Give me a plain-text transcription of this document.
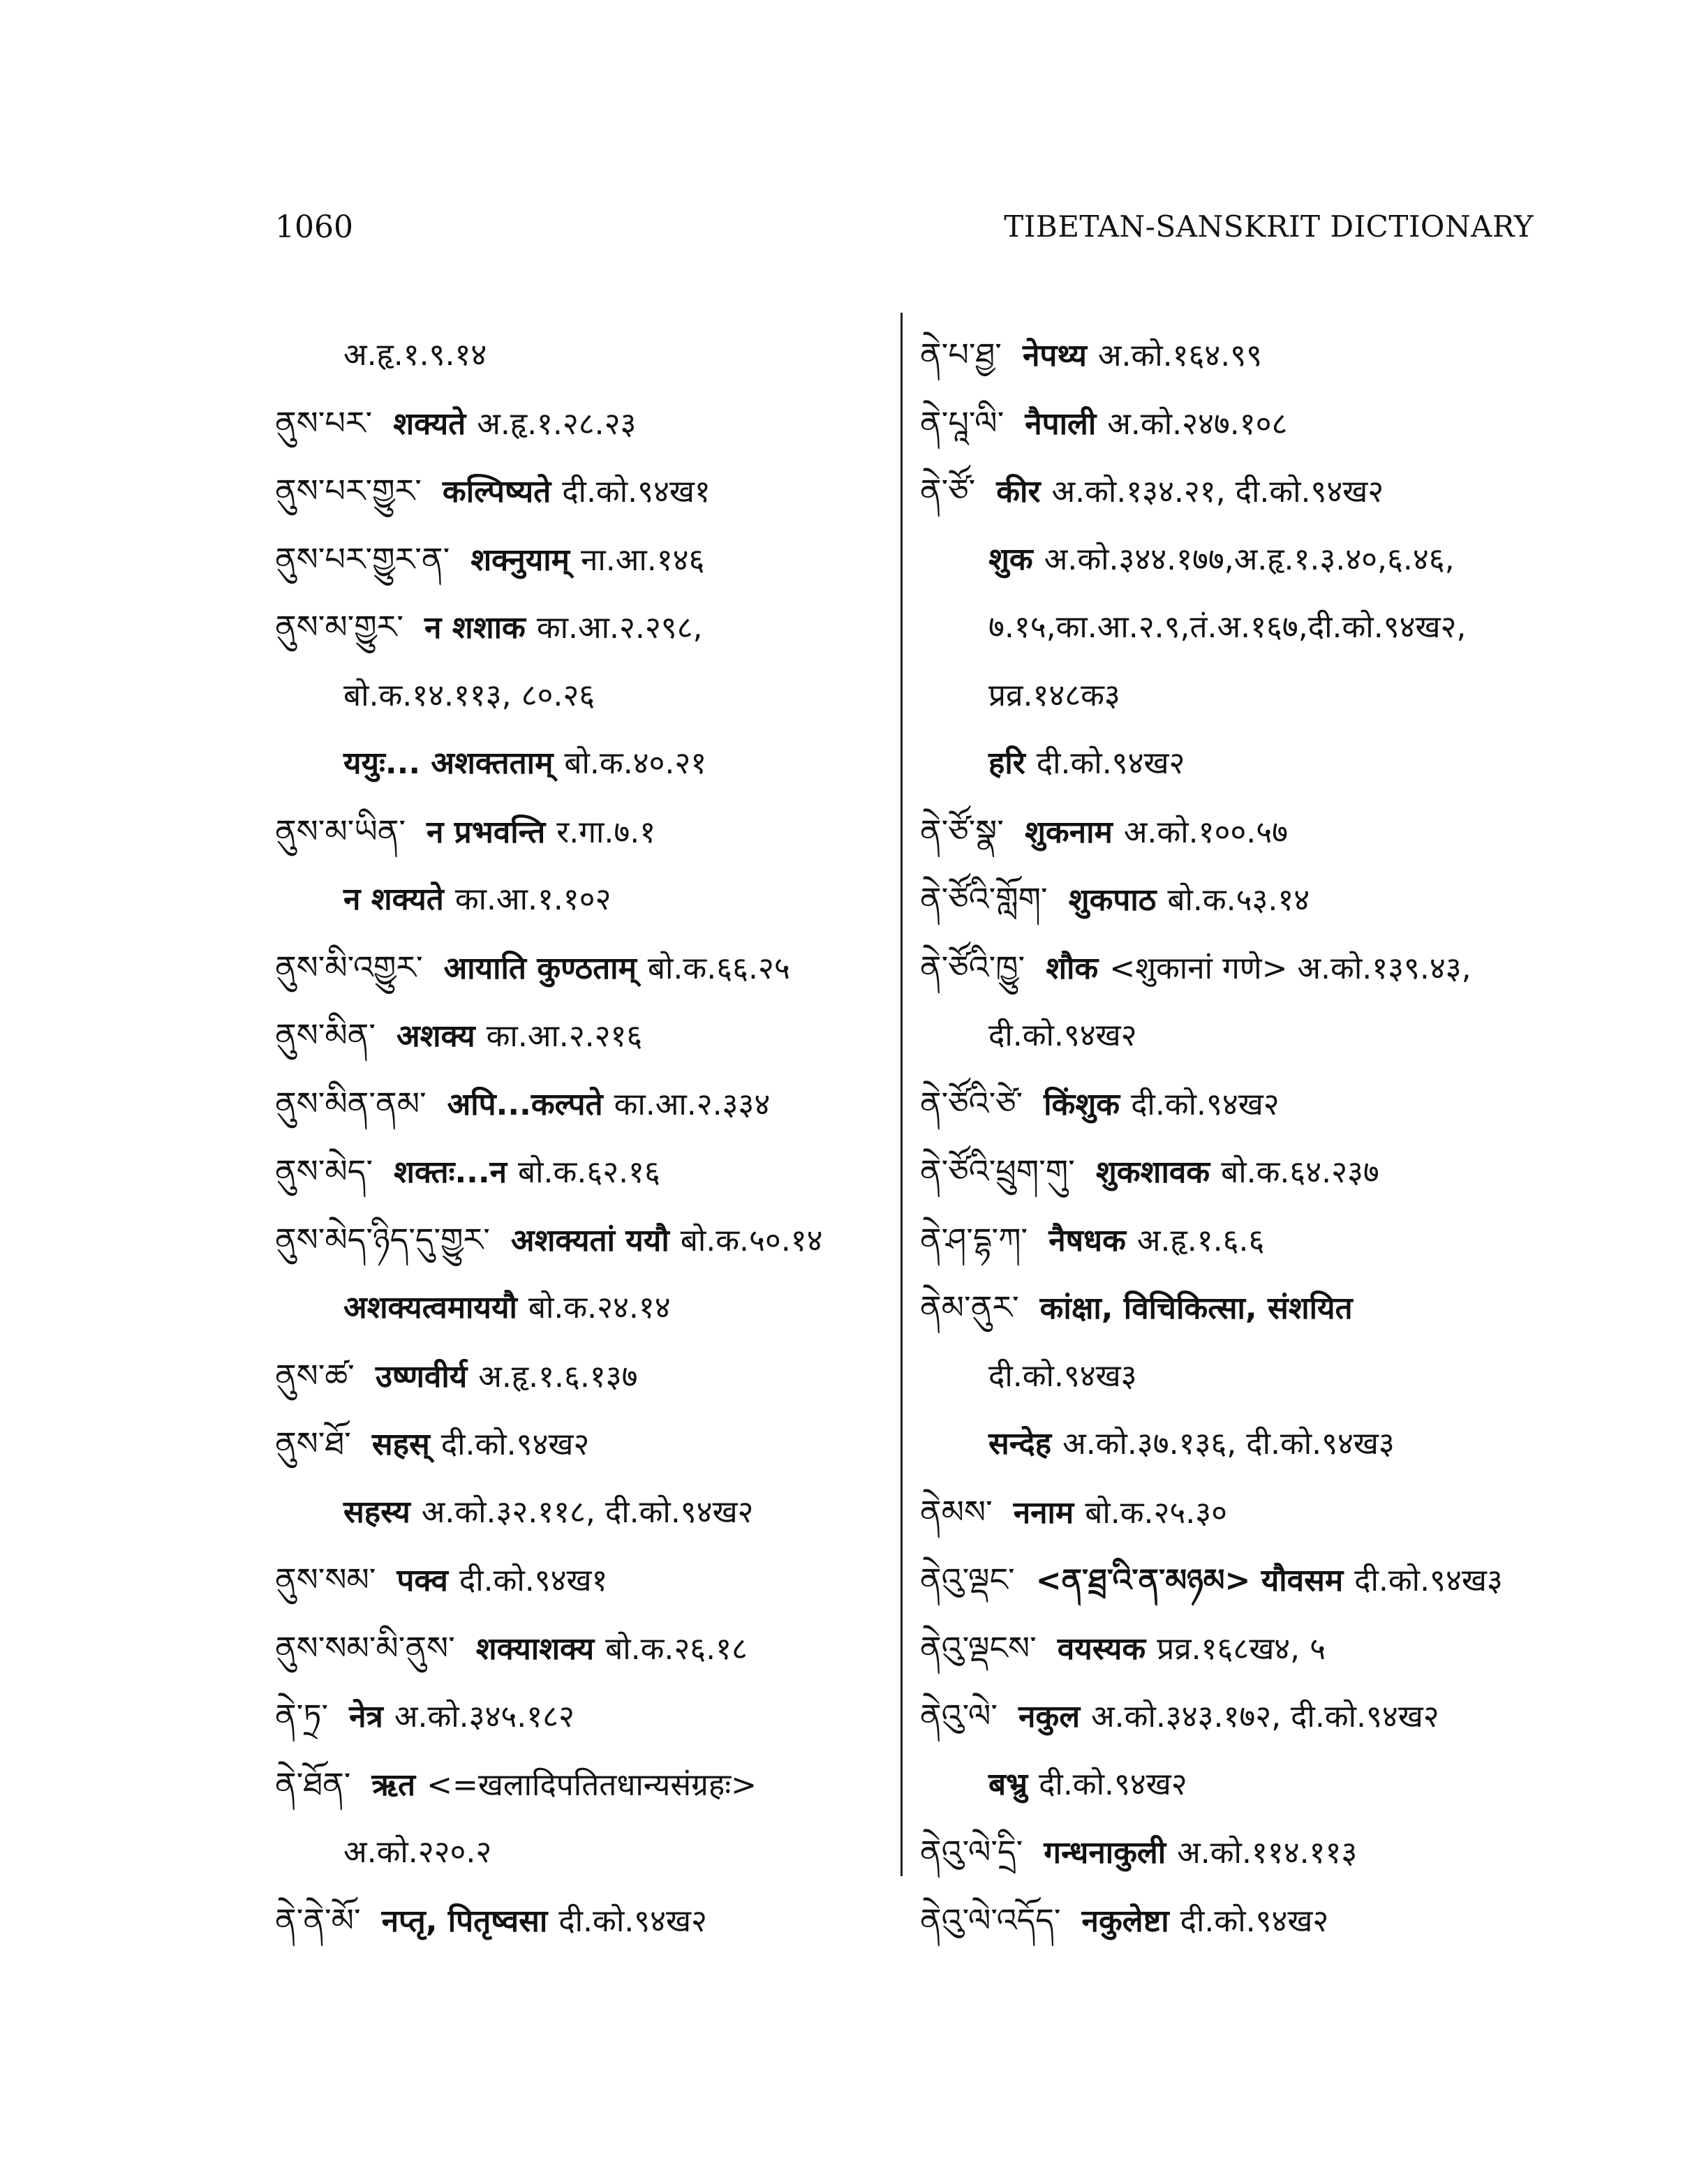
1060	TIBETAN-SANSKRIT DICTIONARY
अ.हृ.१.९.१४
ནུས་པར་ शक्यते अ.हृ.१.२८.२३
ནུས་པར་གྱུར་ कल्पिष्यते दी.को.९४ख१
ནུས་པར་གྱུར་ན་ शक्नुयाम् ना.आ.१४६
ནུས་མ་གྱུར་ न शशाक का.आ.२.२९८,
बो.क.१४.११३, ८०.२६
ययुः... अशक्तताम् बो.क.४०.२१
ནུས་མ་ཡིན་ न प्रभवन्ति र.गा.७.१
न शक्यते का.आ.१.१०२
ནུས་མི་འགྱུར་ आयाति कुण्ठताम् बो.क.६६.२५
ནུས་མིན་ अशक्य का.आ.२.२१६
ནུས་མིན་ནམ་ अपि...कल्पते का.आ.२.३३४
ནུས་མེད་ शक्तः...न बो.क.६२.१६
ནུས་མེད་ཉིད་དུ་གྱུར་ अशक्यतां ययौ बो.क.५०.१४
अशक्यत्वमाययौ बो.क.२४.१४
ནུས་ཚ་ उष्णवीर्य अ.हृ.१.६.१३७
ནུས་ཐོ་ सहस् दी.को.९४ख२
सहस्य अ.को.३२.११८, दी.को.९४ख२
ནུས་སམ་ पक्व दी.को.९४ख१
ནུས་སམ་མི་ནུས་ शक्याशक्य बो.क.२६.१८
ནེ་ཏྲ་ नेत्र अ.को.३४५.१८२
ནེ་ཐོན་ ऋत <=खलादिपतितधान्यसंग्रहः>
अ.को.२२०.२
ནེ་ནེ་མོ་ नप्तृ, पितृष्वसा दी.को.९४ख२
ནེ་པ་ཐྱ་ नेपथ्य अ.को.१६४.९९
ནེ་པཱ་ལི་ नैपाली अ.को.२४७.१०८
ནེ་ཙོ་ कीर अ.को.१३४.२१, दी.को.९४ख२
शुक अ.को.३४४.१७७,अ.हृ.१.३.४०,६.४६,
७.१५,का.आ.२.९,तं.अ.१६७,दी.को.९४ख२,
प्रव्र.१४८क३
हरि दी.को.९४ख२
ནེ་ཙོ་སྣ་ शुकनाम अ.को.१००.५७
ནེ་ཙོའི་གློག་ शुकपाठ बो.क.५३.१४
ནེ་ཙོའི་ཁྱུ་ शौक <शुकानां गणे> अ.को.१३९.४३,
दी.को.९४ख२
ནེ་ཙོའི་ཙེ་ किंशुक दी.को.९४ख२
ནེ་ཙོའི་ཕྲུག་གུ་ शुकशावक बो.क.६४.२३७
ནེ་ཤ་དྷ་ཀ་ नैषधक अ.हृ.१.६.६
ནེམ་ནུར་ कांक्षा, विचिकित्सा, संशयित
दी.को.९४ख३
सन्देह अ.को.३७.१३६, दी.को.९४ख३
ནེམས་ ननाम बो.क.२५.३०
ནེའུ་ལྡང་ <ན་ཐྲ་འི་ན་མཉམ> यौवसम दी.को.९४ख३
ནེའུ་ལྡངས་ वयस्यक प्रव्र.१६८ख४, ५
ནེའུ་ལེ་ नकुल अ.को.३४३.१७२, दी.को.९४ख२
बभ्रु दी.को.९४ख२
ནེའུ་ལེ་དྲི་ गन्धनाकुली अ.को.११४.११३
ནེའུ་ལེ་འདོད་ नकुलेष्टा दी.को.९४ख२
